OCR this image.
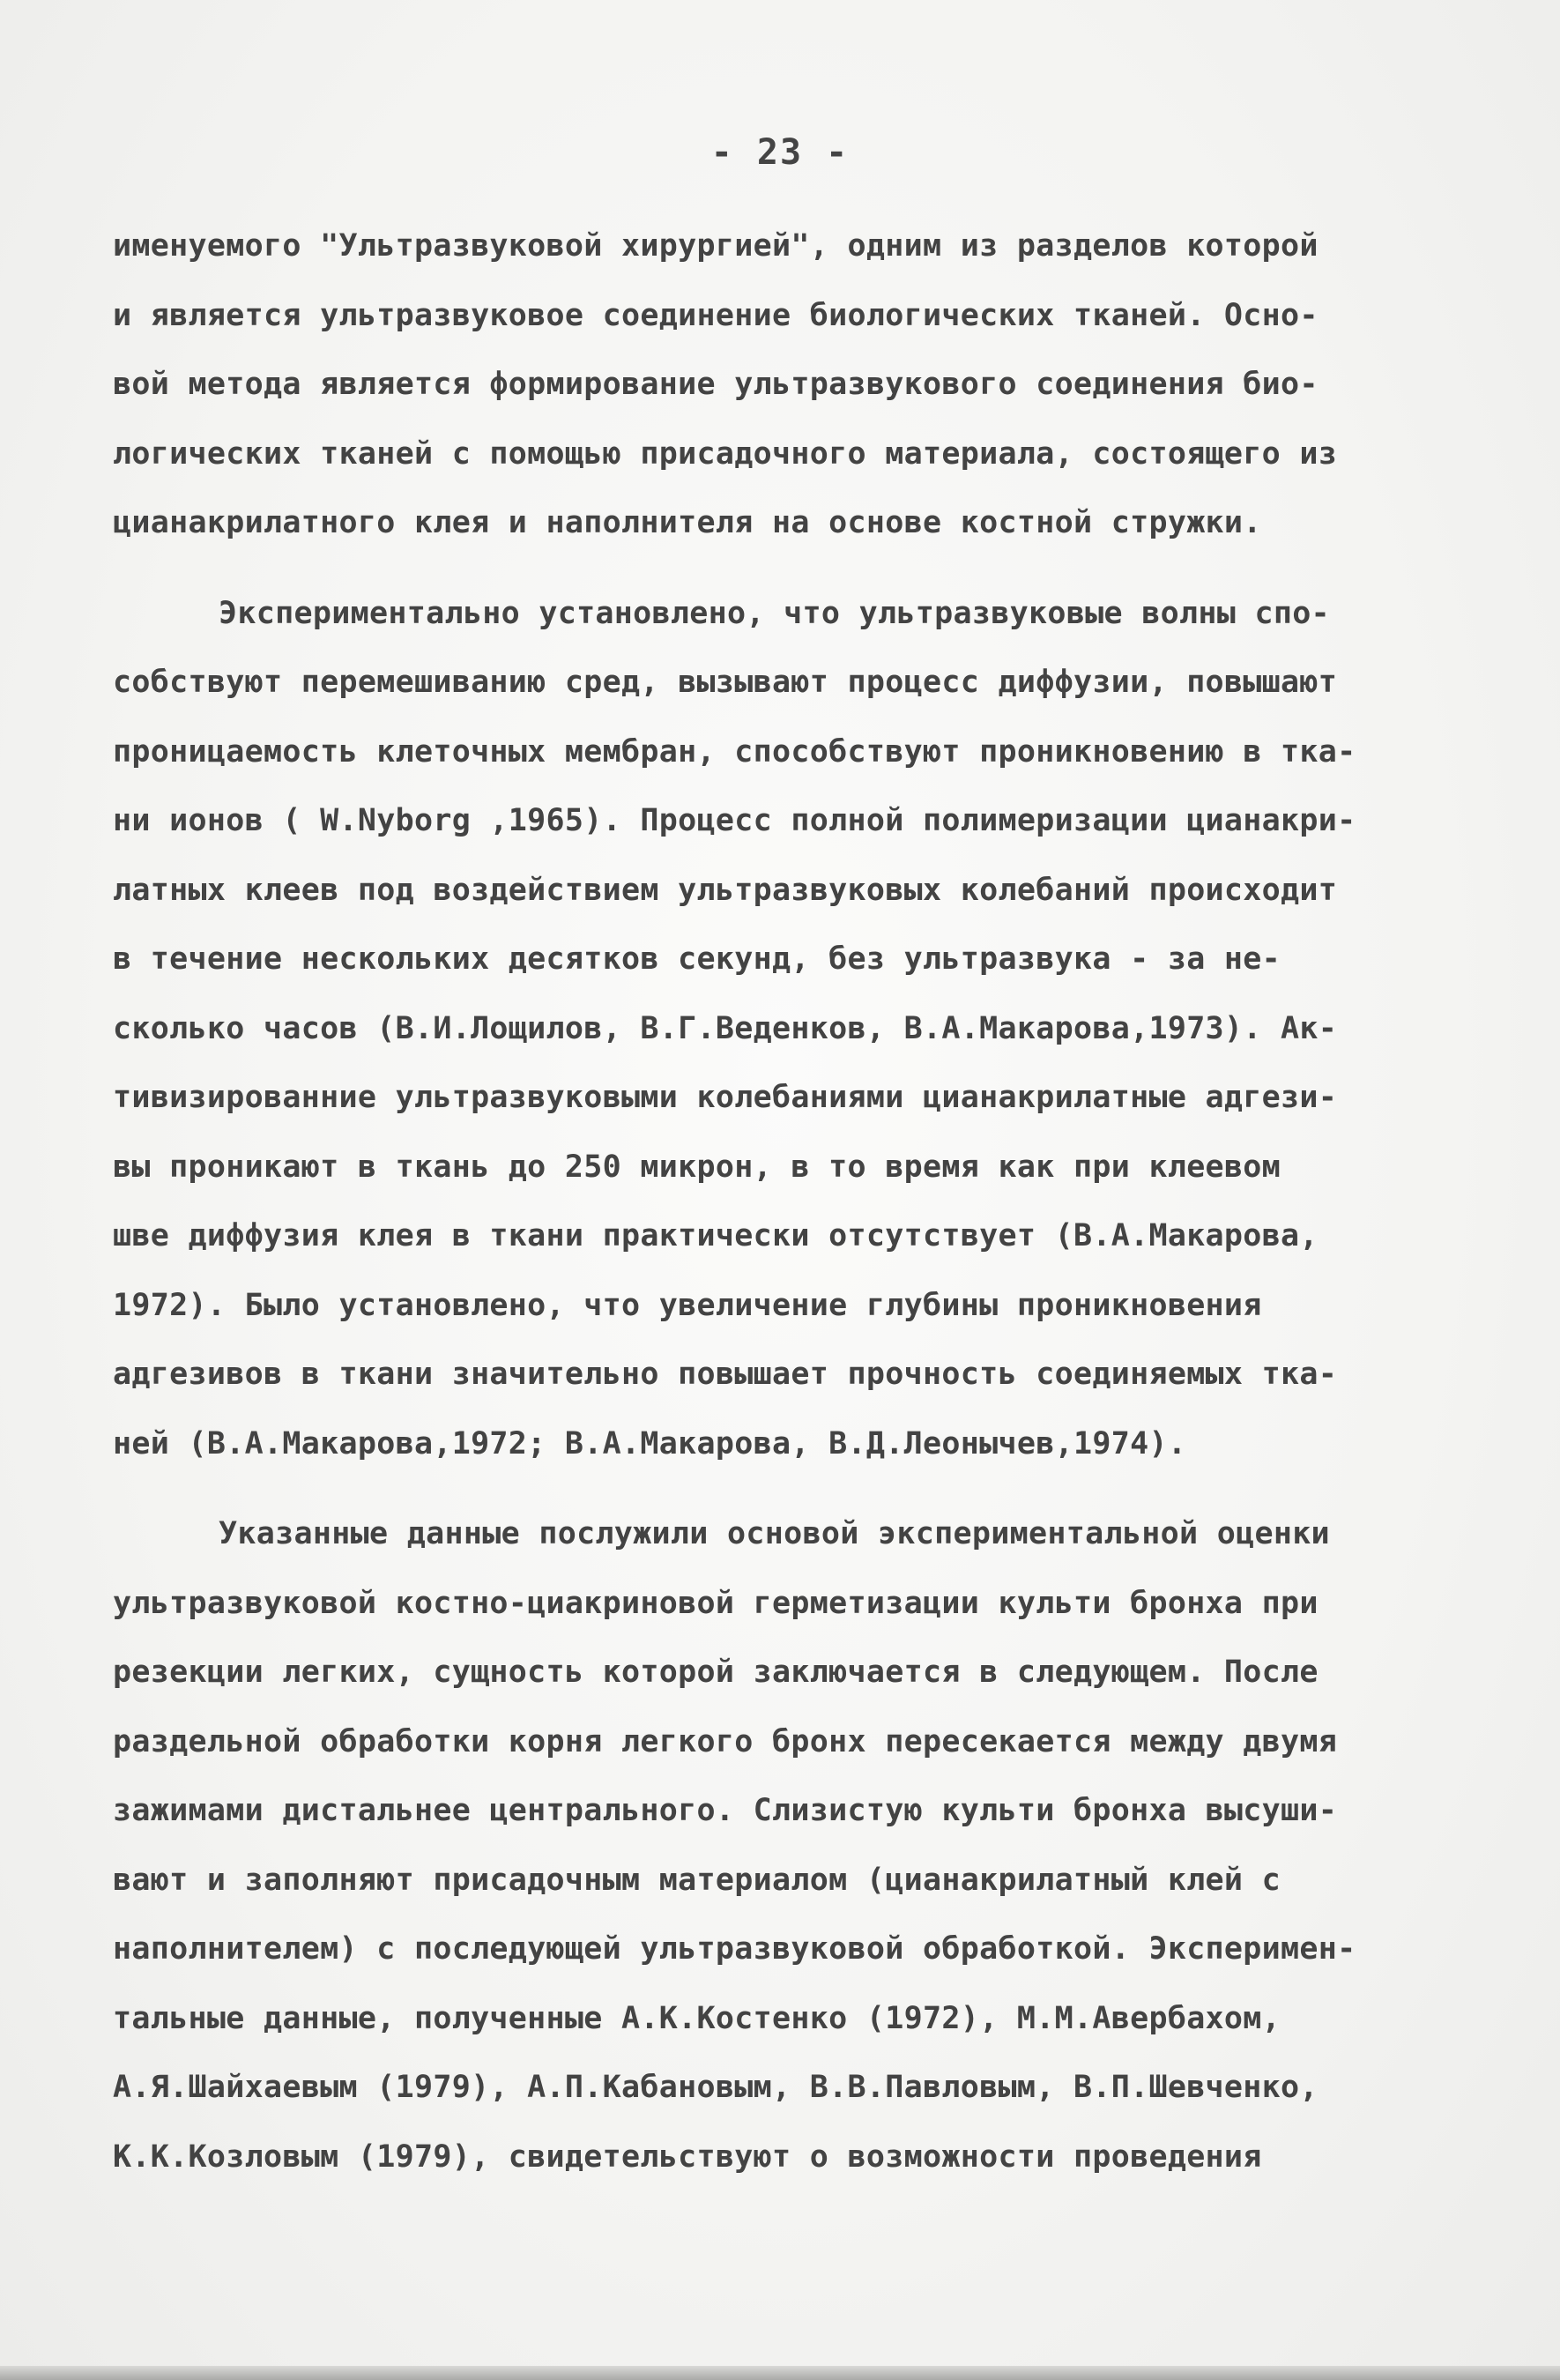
- 23 -
именуемого "Ультразвуковой хирургией", одним из разделов которой
и является ультразвуковое соединение биологических тканей. Осно-
вой метода является формирование ультразвукового соединения био-
логических тканей с помощью присадочного материала, состоящего из
цианакрилатного клея и наполнителя на основе костной стружки.
Экспериментально установлено, что ультразвуковые волны спо-
собствуют перемешиванию сред, вызывают процесс диффузии, повышают
проницаемость клеточных мембран, способствуют проникновению в тка-
ни ионов ( W.Nyborg ,1965). Процесс полной полимеризации цианакри-
латных клеев под воздействием ультразвуковых колебаний происходит
в течение нескольких десятков секунд, без ультразвука - за не-
сколько часов (В.И.Лощилов, В.Г.Веденков, В.А.Макарова,1973). Ак-
тивизированние ультразвуковыми колебаниями цианакрилатные адгези-
вы проникают в ткань до 250 микрон, в то время как при клеевом
шве диффузия клея в ткани практически отсутствует (В.А.Макарова,
1972). Было установлено, что увеличение глубины проникновения
адгезивов в ткани значительно повышает прочность соединяемых тка-
ней (В.А.Макарова,1972; В.А.Макарова, В.Д.Леонычев,1974).
Указанные данные послужили основой экспериментальной оценки
ультразвуковой костно-циакриновой герметизации культи бронха при
резекции легких, сущность которой заключается в следующем. После
раздельной обработки корня легкого бронх пересекается между двумя
зажимами дистальнее центрального. Слизистую культи бронха высуши-
вают и заполняют присадочным материалом (цианакрилатный клей с
наполнителем) с последующей ультразвуковой обработкой. Эксперимен-
тальные данные, полученные А.К.Костенко (1972), М.М.Авербахом,
А.Я.Шайхаевым (1979), А.П.Кабановым, В.В.Павловым, В.П.Шевченко,
К.К.Козловым (1979), свидетельствуют о возможности проведения
